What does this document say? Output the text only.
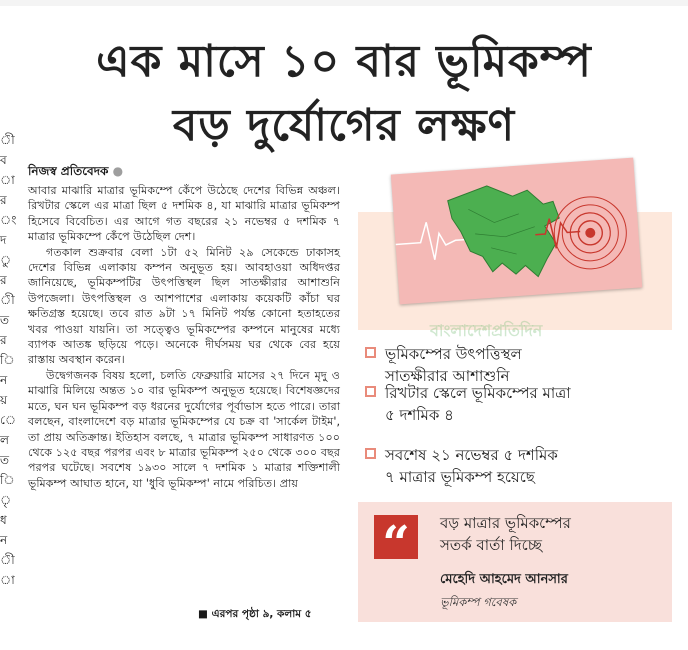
ী
ব
া
র
ং
দ
ু
র
ী
ত
র
ি
ন
য়
ে
ল
ত
ি
ৃ
ধ
ন
ী
া
এক মাসে ১০ বার ভূমিকম্প
বড় দুর্যোগের লক্ষণ
নিজস্ব প্রতিবেদক ●

আবার মাঝারি মাত্রার ভূমিকম্পে কেঁপে উঠেছে দেশের বিভিন্ন অঞ্চল। রিখটার স্কেলে এর মাত্রা ছিল ৫ দশমিক ৪, যা মাঝারি মাত্রার ভূমিকম্প হিসেবে বিবেচিত। এর আগে গত বছরের ২১ নভেম্বর ৫ দশমিক ৭ মাত্রার ভূমিকম্পে কেঁপে উঠেছিল দেশ।

গতকাল শুক্রবার বেলা ১টা ৫২ মিনিট ২৯ সেকেন্ডে ঢাকাসহ দেশের বিভিন্ন এলাকায় কম্পন অনুভূত হয়। আবহাওয়া অধিদপ্তর জানিয়েছে, ভূমিকম্পটির উৎপত্তিস্থল ছিল সাতক্ষীরার আশাশুনি উপজেলা। উৎপত্তিস্থল ও আশপাশের এলাকায় কয়েকটি কাঁচা ঘর ক্ষতিগ্রস্ত হয়েছে। তবে রাত ৯টা ১৭ মিনিট পর্যন্ত কোনো হতাহতের খবর পাওয়া যায়নি। তা সত্ত্বেও ভূমিকম্পের কম্পনে মানুষের মধ্যে ব্যাপক আতঙ্ক ছড়িয়ে পড়ে। অনেকে দীর্ঘসময় ঘর থেকে বের হয়ে রাস্তায় অবস্থান করেন।

উদ্বেগজনক বিষয় হলো, চলতি ফেব্রুয়ারি মাসের ২৭ দিনে মৃদু ও মাঝারি মিলিয়ে অন্তত ১০ বার ভূমিকম্প অনুভূত হয়েছে। বিশেষজ্ঞদের মতে, ঘন ঘন ভূমিকম্প বড় ধরনের দুর্যোগের পূর্বাভাস হতে পারে। তারা বলছেন, বাংলাদেশে বড় মাত্রার ভূমিকম্পের যে চক্র বা 'সার্কেল টাইম', তা প্রায় অতিক্রান্ত। ইতিহাস বলছে, ৭ মাত্রার ভূমিকম্প সাধারণত ১০০ থেকে ১২৫ বছর পরপর এবং ৮ মাত্রার ভূমিকম্প ২৫০ থেকে ৩০০ বছর পরপর ঘটেছে। সবশেষ ১৯৩০ সালে ৭ দশমিক ১ মাত্রার শক্তিশালী ভূমিকম্প আঘাত হানে, যা 'ধুবি ভূমিকম্প' নামে পরিচিত। প্রায়

■ এরপর পৃষ্ঠা ৯, কলাম ৫
বাংলাদেশপ্রতিদিন
ভূমিকম্পের উৎপত্তিস্থল
সাতক্ষীরার আশাশুনি
রিখটার স্কেলে ভূমিকম্পের মাত্রা
৫ দশমিক ৪
সবশেষ ২১ নভেম্বর ৫ দশমিক
৭ মাত্রার ভূমিকম্প হয়েছে
“	বড় মাত্রার ভূমিকম্পের
সতর্ক বার্তা দিচ্ছে
মেহেদি আহমেদ আনসার
ভূমিকম্প গবেষক
